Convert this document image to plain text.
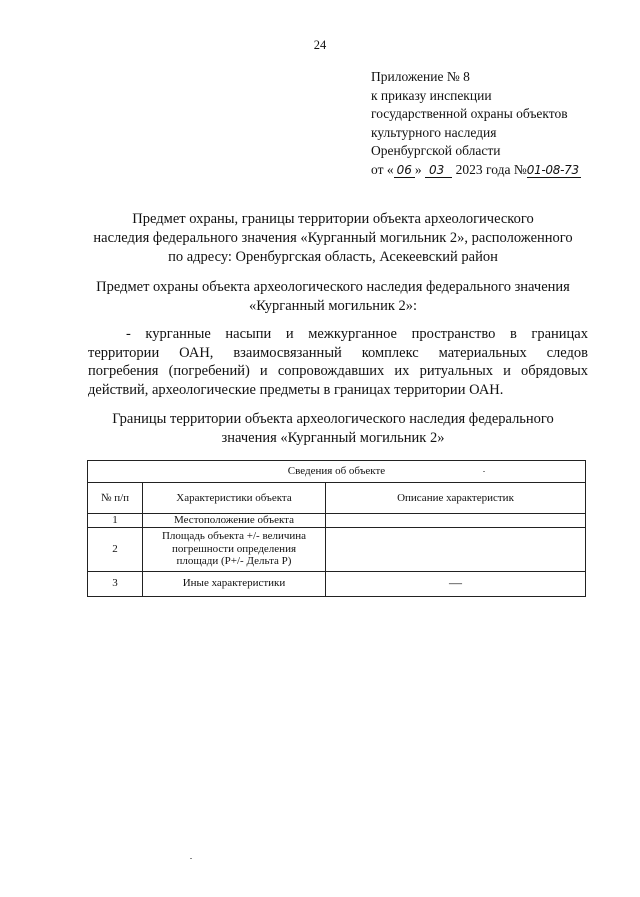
24
Приложение № 8
к приказу инспекции
государственной охраны объектов
культурного наследия
Оренбургской области
от « 06 » 03 2023 года №01-08-73
Предмет охраны, границы территории объекта археологического
наследия федерального значения «Курганный могильник 2», расположенного
по адресу: Оренбургская область, Асекеевский район
Предмет охраны объекта археологического наследия федерального значения
«Курганный могильник 2»:
- курганные насыпи и межкурганное пространство в границах
территории ОАН, взаимосвязанный комплекс материальных следов
погребения (погребений) и сопровождавших их ритуальных и обрядовых
действий, археологические предметы в границах территории ОАН.
Границы территории объекта археологического наследия федерального
значения «Курганный могильник 2»
Сведения об объекте		
№ п/п	Характеристики объекта	Описание характеристик
1	Местоположение объекта	
2	Площадь объекта +/- величина
погрешности определения
площади (Р+/- Дельта Р)	

3	Иные характеристики	—
